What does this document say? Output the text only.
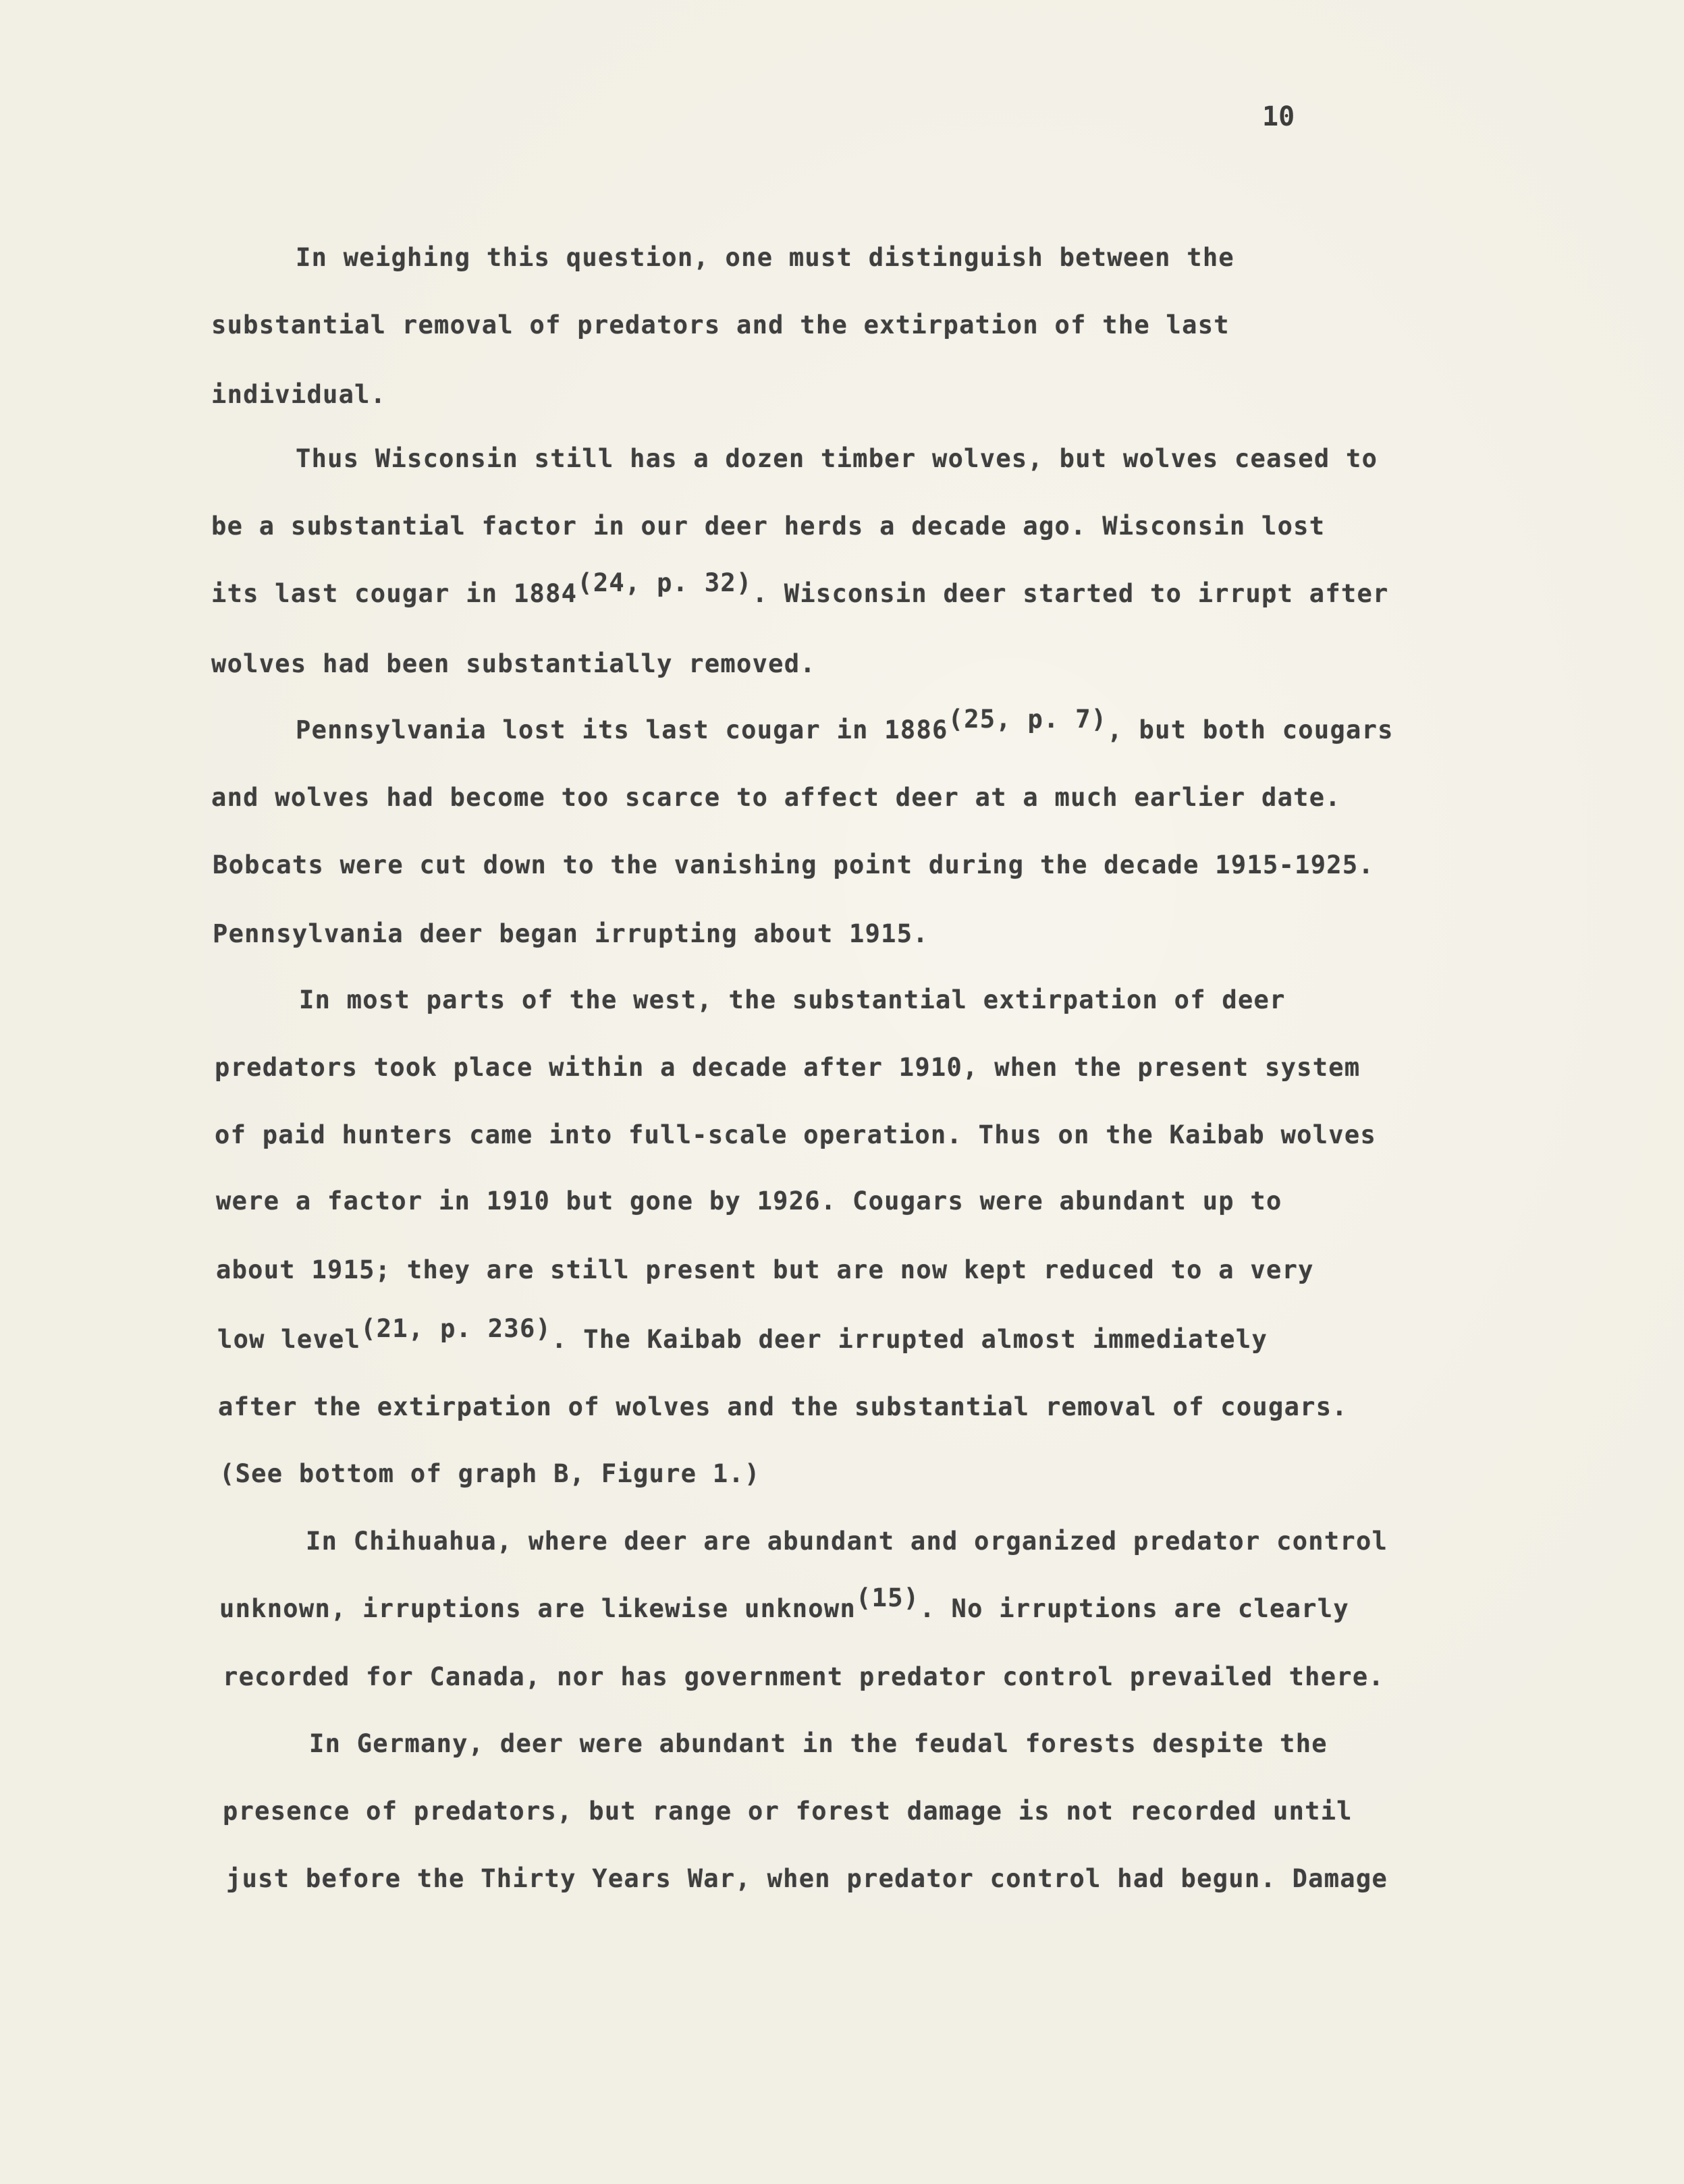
10
In weighing this question, one must distinguish between the
substantial removal of predators and the extirpation of the last
individual.
Thus Wisconsin still has a dozen timber wolves, but wolves ceased to
be a substantial factor in our deer herds a decade ago. Wisconsin lost
its last cougar in $1884^{(24, p. 32)}$. Wisconsin deer started to irrupt after
wolves had been substantially removed.
Pennsylvania lost its last cougar in $1886^{(25, p. 7)}$, but both cougars
and wolves had become too scarce to affect deer at a much earlier date.
Bobcats were cut down to the vanishing point during the decade 1915-1925.
Pennsylvania deer began irrupting about 1915.
In most parts of the west, the substantial extirpation of deer
predators took place within a decade after 1910, when the present system
of paid hunters came into full-scale operation. Thus on the Kaibab wolves
were a factor in 1910 but gone by 1926. Cougars were abundant up to
about 1915; they are still present but are now kept reduced to a very
low level$^{(21, p. 236)}$. The Kaibab deer irrupted almost immediately
after the extirpation of wolves and the substantial removal of cougars.
(See bottom of graph B, Figure 1.)
In Chihuahua, where deer are abundant and organized predator control
unknown, irruptions are likewise unknown$^{(15)}$. No irruptions are clearly
recorded for Canada, nor has government predator control prevailed there.
In Germany, deer were abundant in the feudal forests despite the
presence of predators, but range or forest damage is not recorded until
just before the Thirty Years War, when predator control had begun. Damage
